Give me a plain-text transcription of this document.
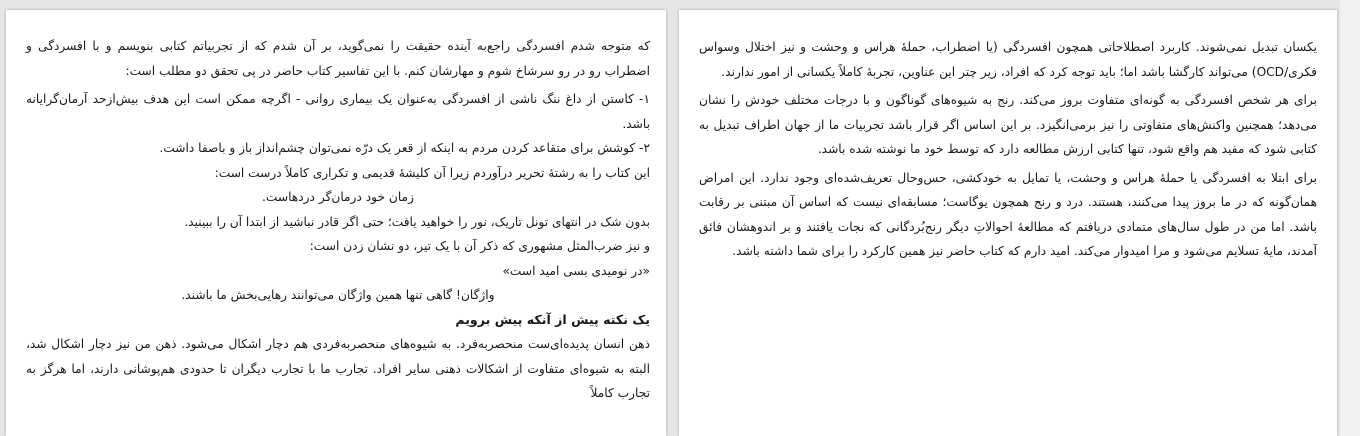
که متوجه شدم افسردگی راجع‌به آینده حقیقت را نمی‌گوید، بر آن شدم که از تجربیاتم کتابی بنویسم و با افسردگی و اضطراب رو در رو سرشاخ شوم و مهارشان کنم. با این تفاسیر کتاب حاضر در پی تحقق دو مطلب است:

۱- کاستن از داغ ننگ ناشی از افسردگی به‌عنوان یک بیماری روانی - اگرچه ممکن است این هدف بیش‌ازحد آرمان‌گرایانه باشد.

۲- کوشش برای متقاعد کردن مردم به اینکه از قعر یک درّه نمی‌توان چشم‌انداز باز و باصفا داشت.

این کتاب را به رشتهٔ تحریر درآوردم زیرا آن کلیشهٔ قدیمی و تکراری کاملاً درست است:

زمان خود درمان‌گر دردهاست.

بدون شک در انتهای تونل تاریک، نور را خواهید یافت؛ حتی اگر قادر نباشید از ابتدا آن را ببینید.

و نیز ضرب‌المثل مشهوری که ذکر آن با یک تیر، دو نشان زدن است:

«در نومیدی بسی امید است»

واژگان! گاهی تنها همین واژگان می‌توانند رهایی‌بخش ما باشند.

یک نکته پیش از آنکه پیش برویم

ذهن انسان پدیده‌ای‌ست منحصربه‌فرد. به شیوه‌های منحصربه‌فردی هم دچار اشکال می‌شود. ذهن من نیز دچار اشکال شد، البته به شیوه‌ای متفاوت از اشکالات ذهنی سایر افراد. تجارب ما با تجارب دیگران تا حدودی هم‌پوشانی دارند، اما هرگز به تجارب کاملاً

یکسان تبدیل نمی‌شوند. کاربرد اصطلاحاتی همچون افسردگی (یا اضطراب، حملهٔ هراس و وحشت و نیز اختلال وسواس فکری/OCD) می‌تواند کارگشا باشد اما؛ باید توجه کرد که افراد، زیر چتر این عناوین، تجربهٔ کاملاً یکسانی از امور ندارند.

برای هر شخص افسردگی به گونه‌ای متفاوت بروز می‌کند. رنج به شیوه‌های گوناگون و با درجات مختلف خودش را نشان می‌دهد؛ همچنین واکنش‌های متفاوتی را نیز برمی‌انگیزد. بر این اساس اگر قرار باشد تجربیات ما از جهان اطراف تبدیل به کتابی شود که مفید هم واقع شود، تنها کتابی ارزش مطالعه دارد که توسط خود ما نوشته شده باشد.

برای ابتلا به افسردگی یا حملهٔ هراس و وحشت، یا تمایل به خودکشی، حس‌وحال تعریف‌شده‌ای وجود ندارد. این امراض همان‌گونه که در ما بروز پیدا می‌کنند، هستند. درد و رنج همچون یوگاست؛ مسابقه‌ای نیست که اساس آن مبتنی بر رقابت باشد. اما من در طول سال‌های متمادی دریافتم که مطالعهٔ احوالاتِ دیگر رنج‌بُردگانی که نجات یافتند و بر اندوهشان فائق آمدند، مایهٔ تسلایم می‌شود و مرا امیدوار می‌کند. امید دارم که کتاب حاضر نیز همین کارکرد را برای شما داشته باشد.
